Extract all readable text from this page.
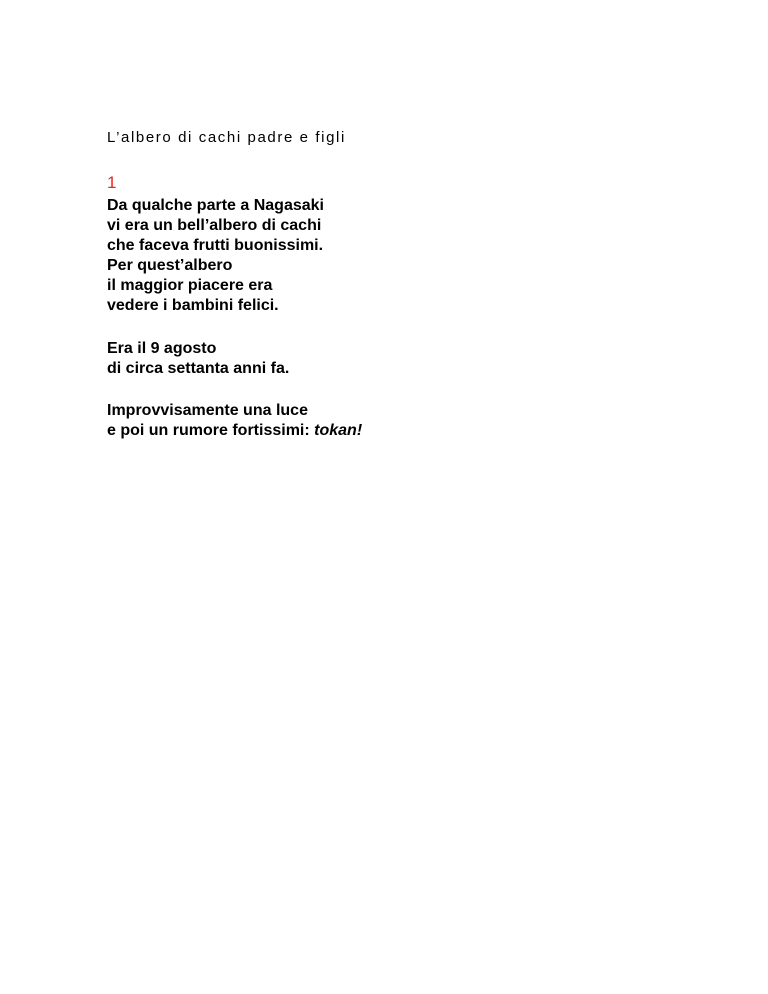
L’albero di cachi padre e figli
1

Da qualche parte a Nagasaki
vi era un bell’albero di cachi
che faceva frutti buonissimi.
Per quest’albero
il maggior piacere era
vedere i bambini felici.

Era il 9 agosto
di circa settanta anni fa.

Improvvisamente una luce
e poi un rumore fortissimi: tokan!
